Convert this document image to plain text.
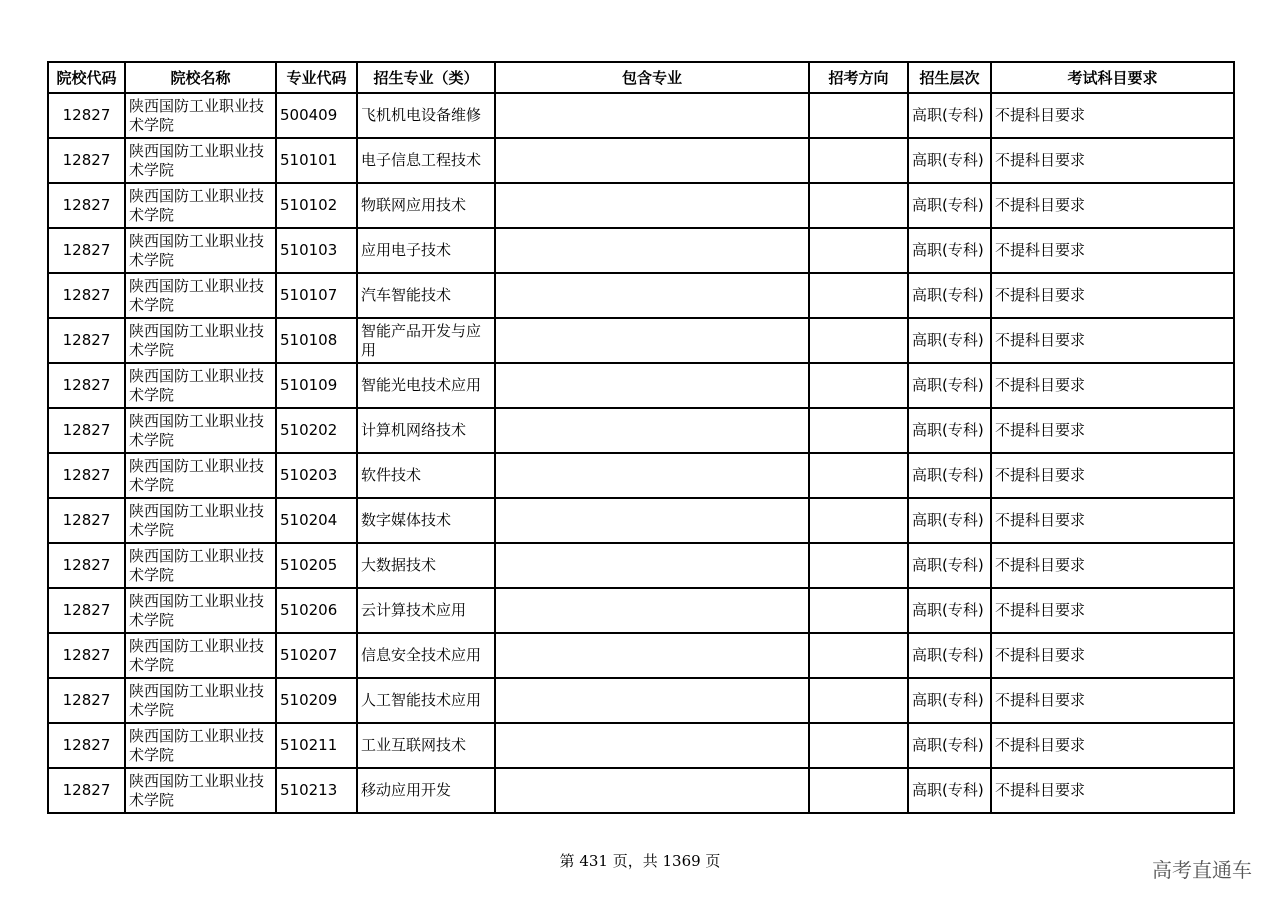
院校代码	院校名称	专业代码	招生专业（类）	包含专业	招考方向	招生层次	考试科目要求
12827	陕西国防工业职业技术学院	500409	飞机机电设备维修			高职(专科)	不提科目要求
12827	陕西国防工业职业技术学院	510101	电子信息工程技术			高职(专科)	不提科目要求
12827	陕西国防工业职业技术学院	510102	物联网应用技术			高职(专科)	不提科目要求
12827	陕西国防工业职业技术学院	510103	应用电子技术			高职(专科)	不提科目要求
12827	陕西国防工业职业技术学院	510107	汽车智能技术			高职(专科)	不提科目要求
12827	陕西国防工业职业技术学院	510108	智能产品开发与应用			高职(专科)	不提科目要求
12827	陕西国防工业职业技术学院	510109	智能光电技术应用			高职(专科)	不提科目要求
12827	陕西国防工业职业技术学院	510202	计算机网络技术			高职(专科)	不提科目要求
12827	陕西国防工业职业技术学院	510203	软件技术			高职(专科)	不提科目要求
12827	陕西国防工业职业技术学院	510204	数字媒体技术			高职(专科)	不提科目要求
12827	陕西国防工业职业技术学院	510205	大数据技术			高职(专科)	不提科目要求
12827	陕西国防工业职业技术学院	510206	云计算技术应用			高职(专科)	不提科目要求
12827	陕西国防工业职业技术学院	510207	信息安全技术应用			高职(专科)	不提科目要求
12827	陕西国防工业职业技术学院	510209	人工智能技术应用			高职(专科)	不提科目要求
12827	陕西国防工业职业技术学院	510211	工业互联网技术			高职(专科)	不提科目要求
12827	陕西国防工业职业技术学院	510213	移动应用开发			高职(专科)	不提科目要求
第 431 页，共 1369 页	高考直通车
